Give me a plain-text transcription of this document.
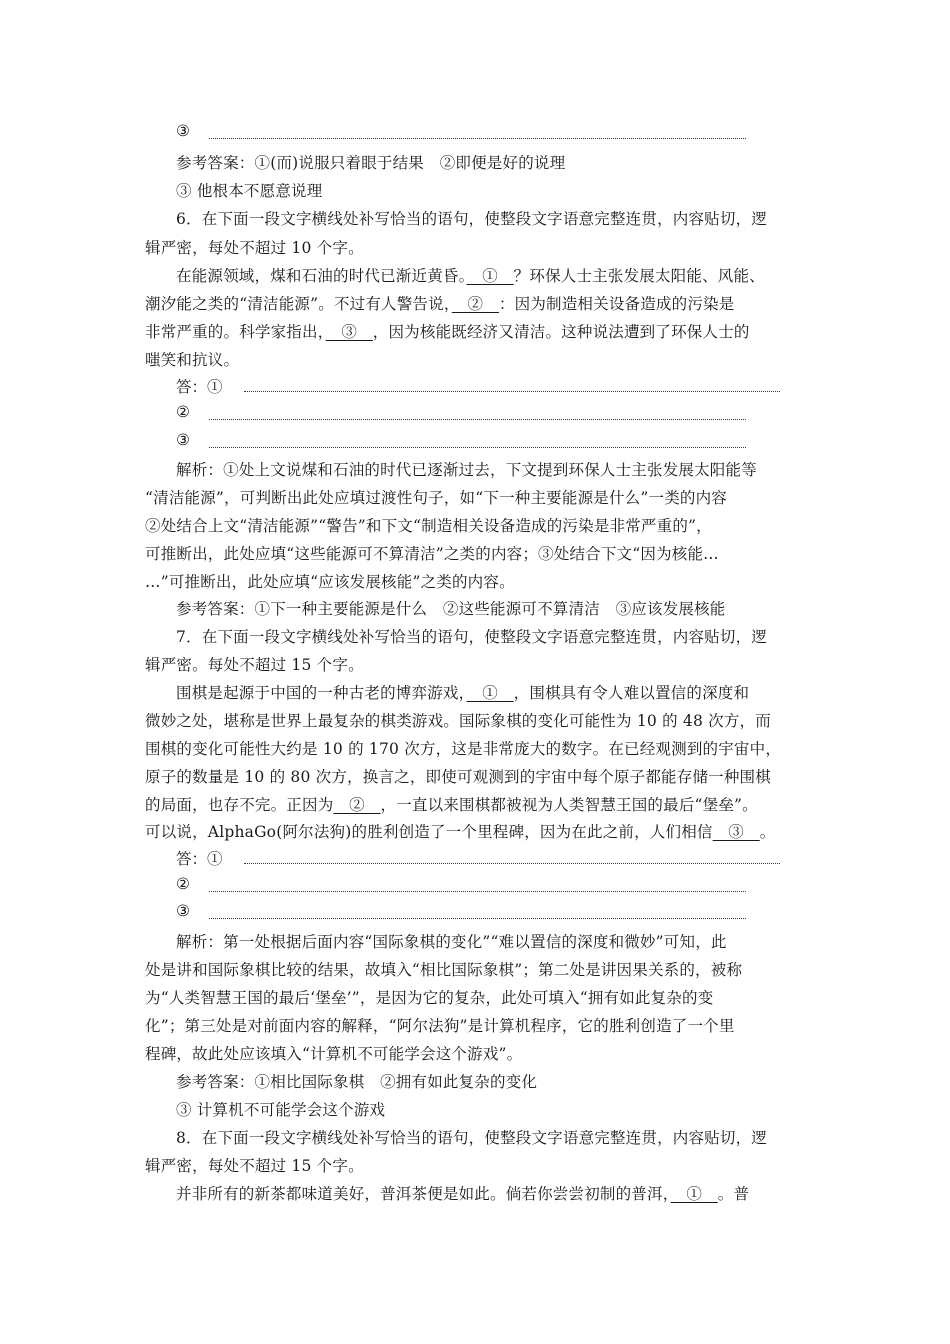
③
参考答案：①(而)说服只着眼于结果　②即便是好的说理
③ 他根本不愿意说理
6．在下面一段文字横线处补写恰当的语句，使整段文字语意完整连贯，内容贴切，逻
辑严密，每处不超过 10 个字。
在能源领域，煤和石油的时代已渐近黄昏。　①　？环保人士主张发展太阳能、风能、
潮汐能之类的“清洁能源”。不过有人警告说，　②　：因为制造相关设备造成的污染是
非常严重的。科学家指出，　③　，因为核能既经济又清洁。这种说法遭到了环保人士的
嗤笑和抗议。
答：①
②
③
解析：①处上文说煤和石油的时代已逐渐过去，下文提到环保人士主张发展太阳能等
“清洁能源”，可判断出此处应填过渡性句子，如“下一种主要能源是什么”一类的内容
②处结合上文“清洁能源”“警告”和下文“制造相关设备造成的污染是非常严重的”，
可推断出，此处应填“这些能源可不算清洁”之类的内容；③处结合下文“因为核能…
…”可推断出，此处应填“应该发展核能”之类的内容。
参考答案：①下一种主要能源是什么　②这些能源可不算清洁　③应该发展核能
7．在下面一段文字横线处补写恰当的语句，使整段文字语意完整连贯，内容贴切，逻
辑严密。每处不超过 15 个字。
围棋是起源于中国的一种古老的博弈游戏，　①　，围棋具有令人难以置信的深度和
微妙之处，堪称是世界上最复杂的棋类游戏。国际象棋的变化可能性为 10 的 48 次方，而
围棋的变化可能性大约是 10 的 170 次方，这是非常庞大的数字。在已经观测到的宇宙中，
原子的数量是 10 的 80 次方，换言之，即使可观测到的宇宙中每个原子都能存储一种围棋
的局面，也存不完。正因为　②　，一直以来围棋都被视为人类智慧王国的最后“堡垒”。
可以说，AlphaGo(阿尔法狗)的胜利创造了一个里程碑，因为在此之前，人们相信　③　。
答：①
②
③
解析：第一处根据后面内容“国际象棋的变化”“难以置信的深度和微妙”可知，此
处是讲和国际象棋比较的结果，故填入“相比国际象棋”；第二处是讲因果关系的，被称
为“人类智慧王国的最后‘堡垒’”，是因为它的复杂，此处可填入“拥有如此复杂的变
化”；第三处是对前面内容的解释，“阿尔法狗”是计算机程序，它的胜利创造了一个里
程碑，故此处应该填入“计算机不可能学会这个游戏”。
参考答案：①相比国际象棋　②拥有如此复杂的变化
③ 计算机不可能学会这个游戏
8．在下面一段文字横线处补写恰当的语句，使整段文字语意完整连贯，内容贴切，逻
辑严密，每处不超过 15 个字。
并非所有的新茶都味道美好，普洱茶便是如此。倘若你尝尝初制的普洱，　①　。普
